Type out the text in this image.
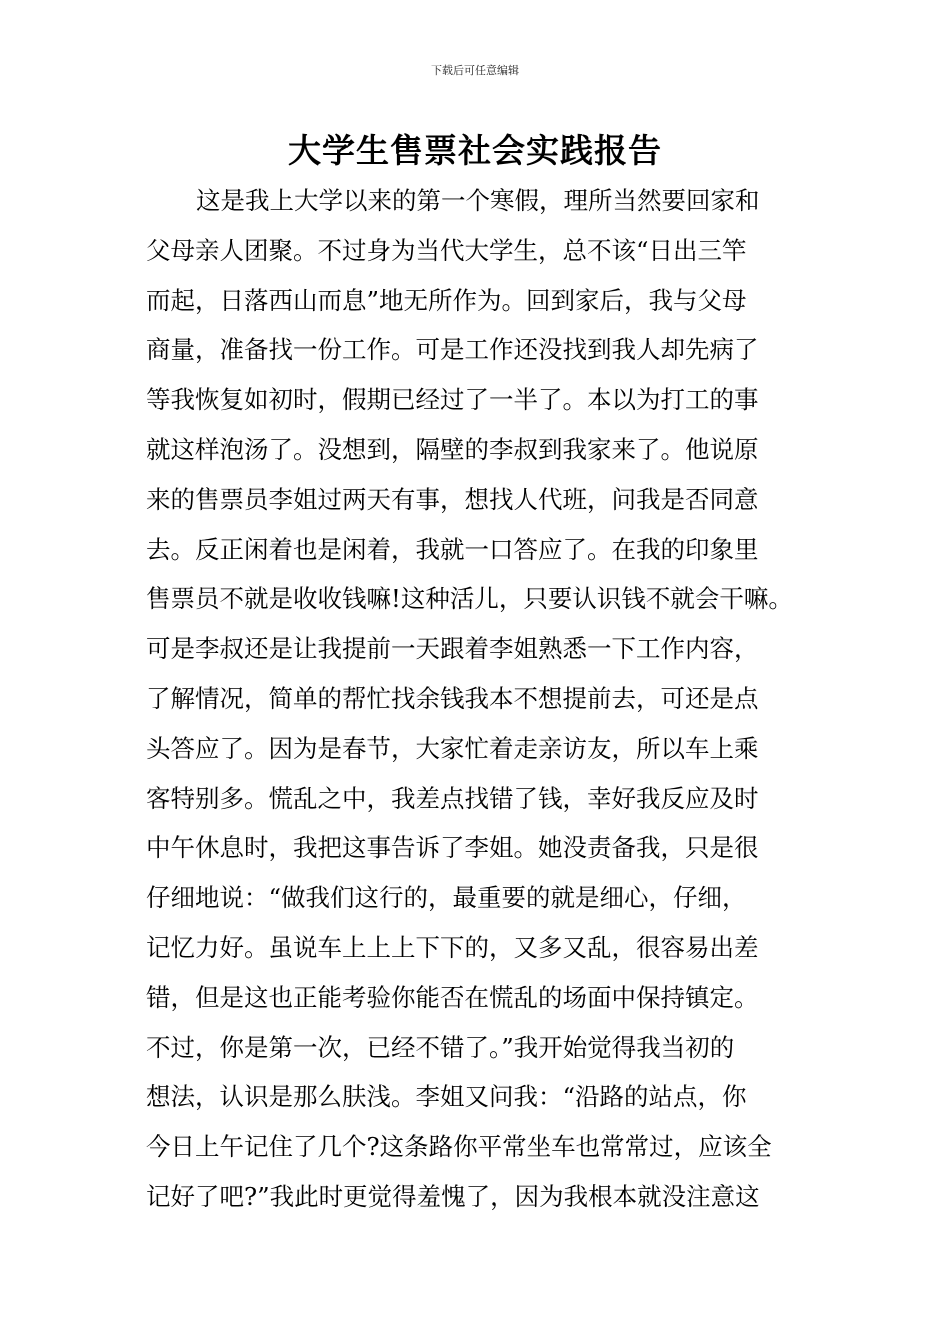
下载后可任意编辑
大学生售票社会实践报告
这是我上大学以来的第一个寒假，理所当然要回家和
父母亲人团聚。不过身为当代大学生，总不该“日出三竿
而起，日落西山而息”地无所作为。回到家后，我与父母
商量，准备找一份工作。可是工作还没找到我人却先病了
等我恢复如初时，假期已经过了一半了。本以为打工的事
就这样泡汤了。没想到，隔壁的李叔到我家来了。他说原
来的售票员李姐过两天有事，想找人代班，问我是否同意
去。反正闲着也是闲着，我就一口答应了。在我的印象里
售票员不就是收收钱嘛!这种活儿，只要认识钱不就会干嘛。
可是李叔还是让我提前一天跟着李姐熟悉一下工作内容，
了解情况，简单的帮忙找余钱我本不想提前去，可还是点
头答应了。因为是春节，大家忙着走亲访友，所以车上乘
客特别多。慌乱之中，我差点找错了钱，幸好我反应及时
中午休息时，我把这事告诉了李姐。她没责备我，只是很
仔细地说：“做我们这行的，最重要的就是细心，仔细，
记忆力好。虽说车上上上下下的，又多又乱，很容易出差
错，但是这也正能考验你能否在慌乱的场面中保持镇定。
不过，你是第一次，已经不错了。”我开始觉得我当初的
想法，认识是那么肤浅。李姐又问我：“沿路的站点，你
今日上午记住了几个?这条路你平常坐车也常常过，应该全
记好了吧?”我此时更觉得羞愧了，因为我根本就没注意这
